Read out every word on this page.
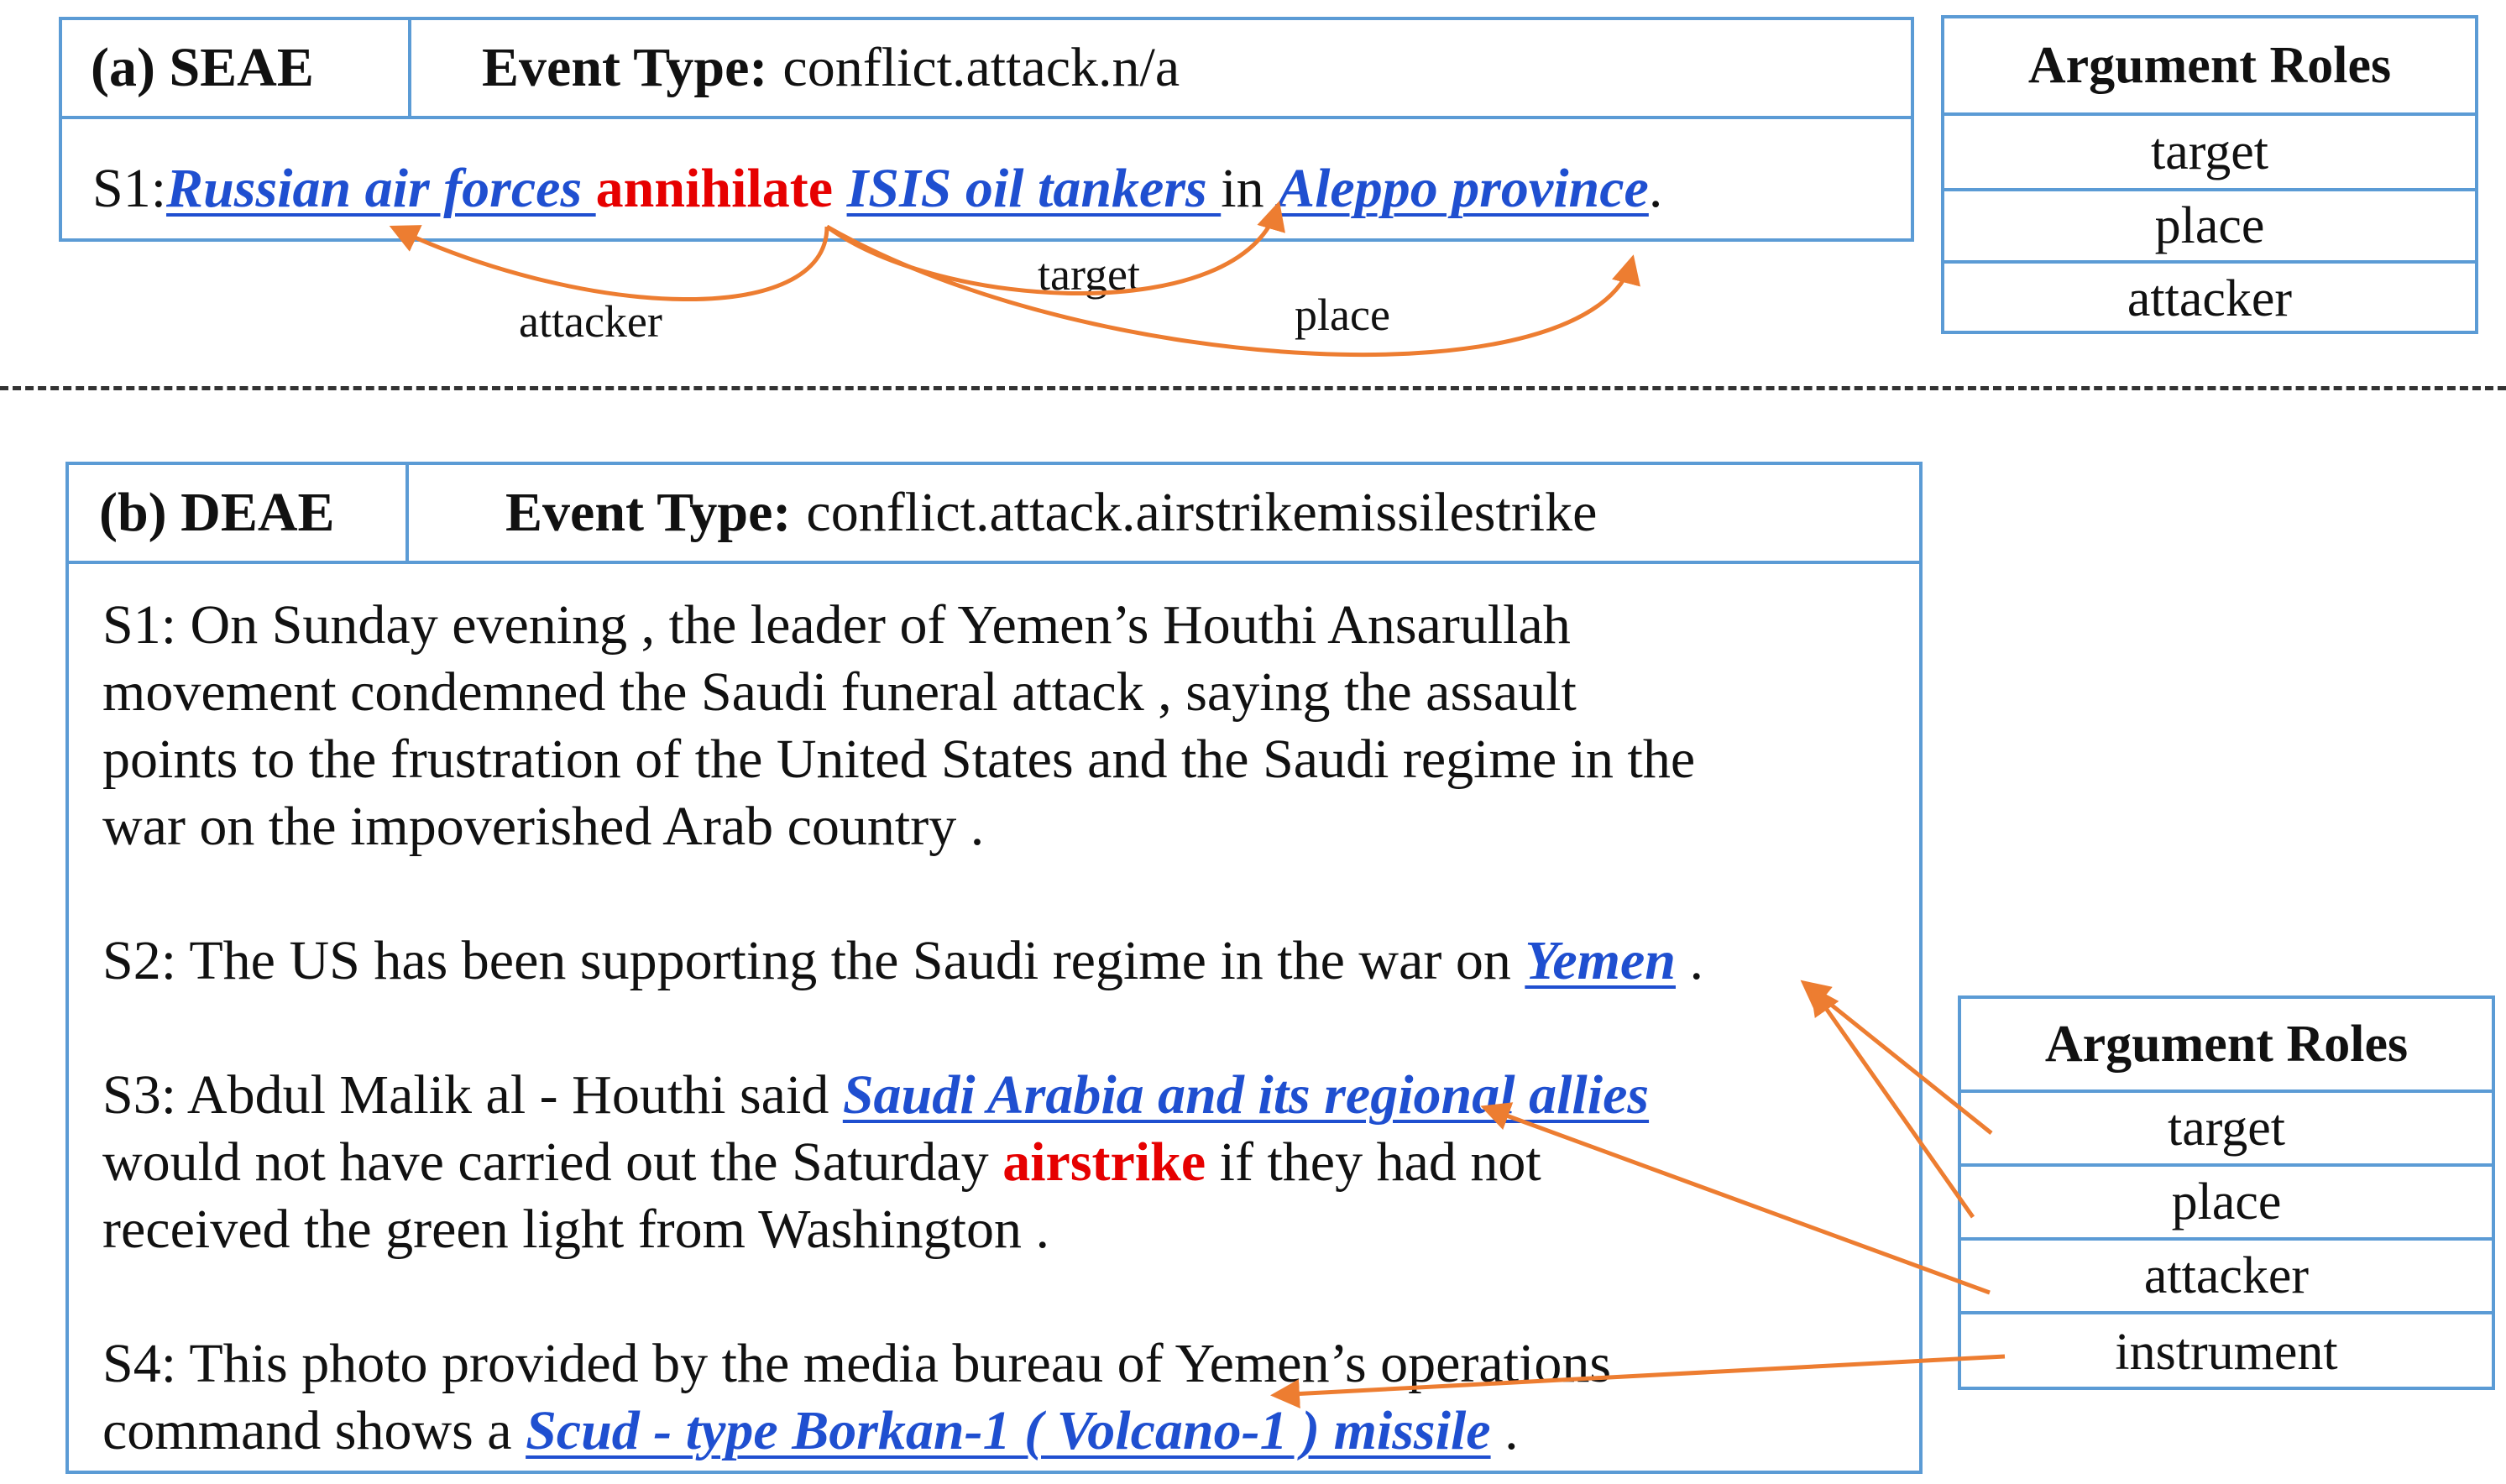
(a) SEAE	Event Type: conflict.attack.n/a
S1:Russian air forces annihilate ISIS oil tankers in Aleppo province.
attacker
target
place
Argument Roles
target
place
attacker
(b) DEAE	Event Type: conflict.attack.airstrikemissilestrike
S1: On Sunday evening , the leader of Yemen’s Houthi Ansarullah
movement condemned the Saudi funeral attack , saying the assault
points to the frustration of the United States and the Saudi regime in the
war on the impoverished Arab country .
S2: The US has been supporting the Saudi regime in the war on Yemen .
S3: Abdul Malik al - Houthi said Saudi Arabia and its regional allies
would not have carried out the Saturday airstrike if they had not
received the green light from Washington .
S4: This photo provided by the media bureau of Yemen’s operations
command shows a Scud - type Borkan-1 ( Volcano-1 ) missile .
Argument Roles
target
place
attacker
instrument
